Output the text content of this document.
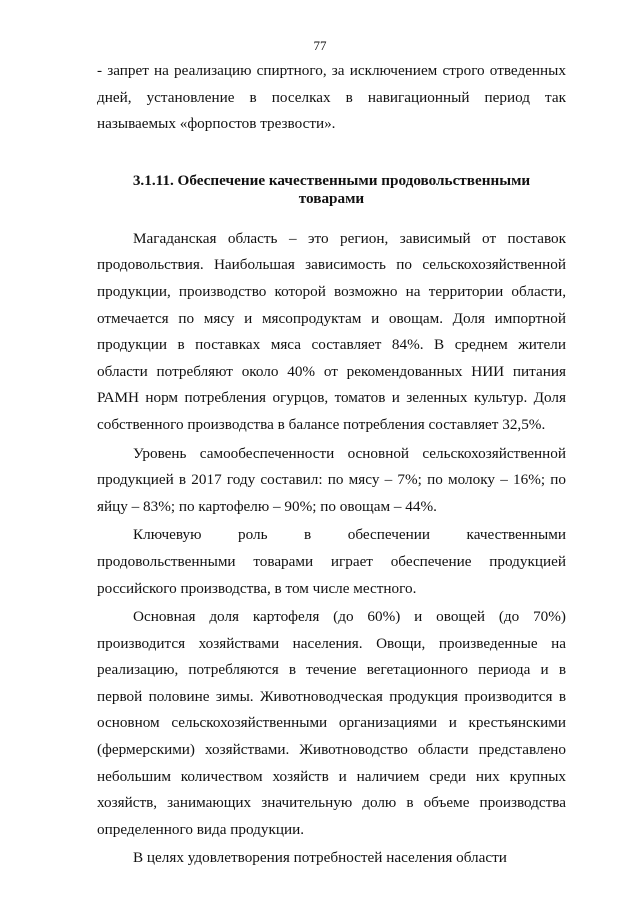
77

- запрет на реализацию спиртного, за исключением строго отведенных дней, установление в поселках в навигационный период так называемых «форпостов трезвости».

3.1.11. Обеспечение качественными продовольственными
товарами

Магаданская область – это регион, зависимый от поставок продовольствия. Наибольшая зависимость по сельскохозяйственной продукции, производство которой возможно на территории области, отмечается по мясу и мясопродуктам и овощам. Доля импортной продукции в поставках мяса составляет 84%. В среднем жители области потребляют около 40% от рекомендованных НИИ питания РАМН норм потребления огурцов, томатов и зеленных культур. Доля собственного производства в балансе потребления составляет 32,5%.

Уровень самообеспеченности основной сельскохозяйственной продукцией в 2017 году составил: по мясу – 7%; по молоку – 16%; по яйцу – 83%; по картофелю – 90%; по овощам – 44%.

Ключевую роль в обеспечении качественными продовольственными товарами играет обеспечение продукцией российского производства, в том числе местного.

Основная доля картофеля (до 60%) и овощей (до 70%) производится хозяйствами населения. Овощи, произведенные на реализацию, потребляются в течение вегетационного периода и в первой половине зимы. Животноводческая продукция производится в основном сельскохозяйственными организациями и крестьянскими (фермерскими) хозяйствами. Животноводство области представлено небольшим количеством хозяйств и наличием среди них крупных хозяйств, занимающих значительную долю в объеме производства определенного вида продукции.

В целях удовлетворения потребностей населения области
